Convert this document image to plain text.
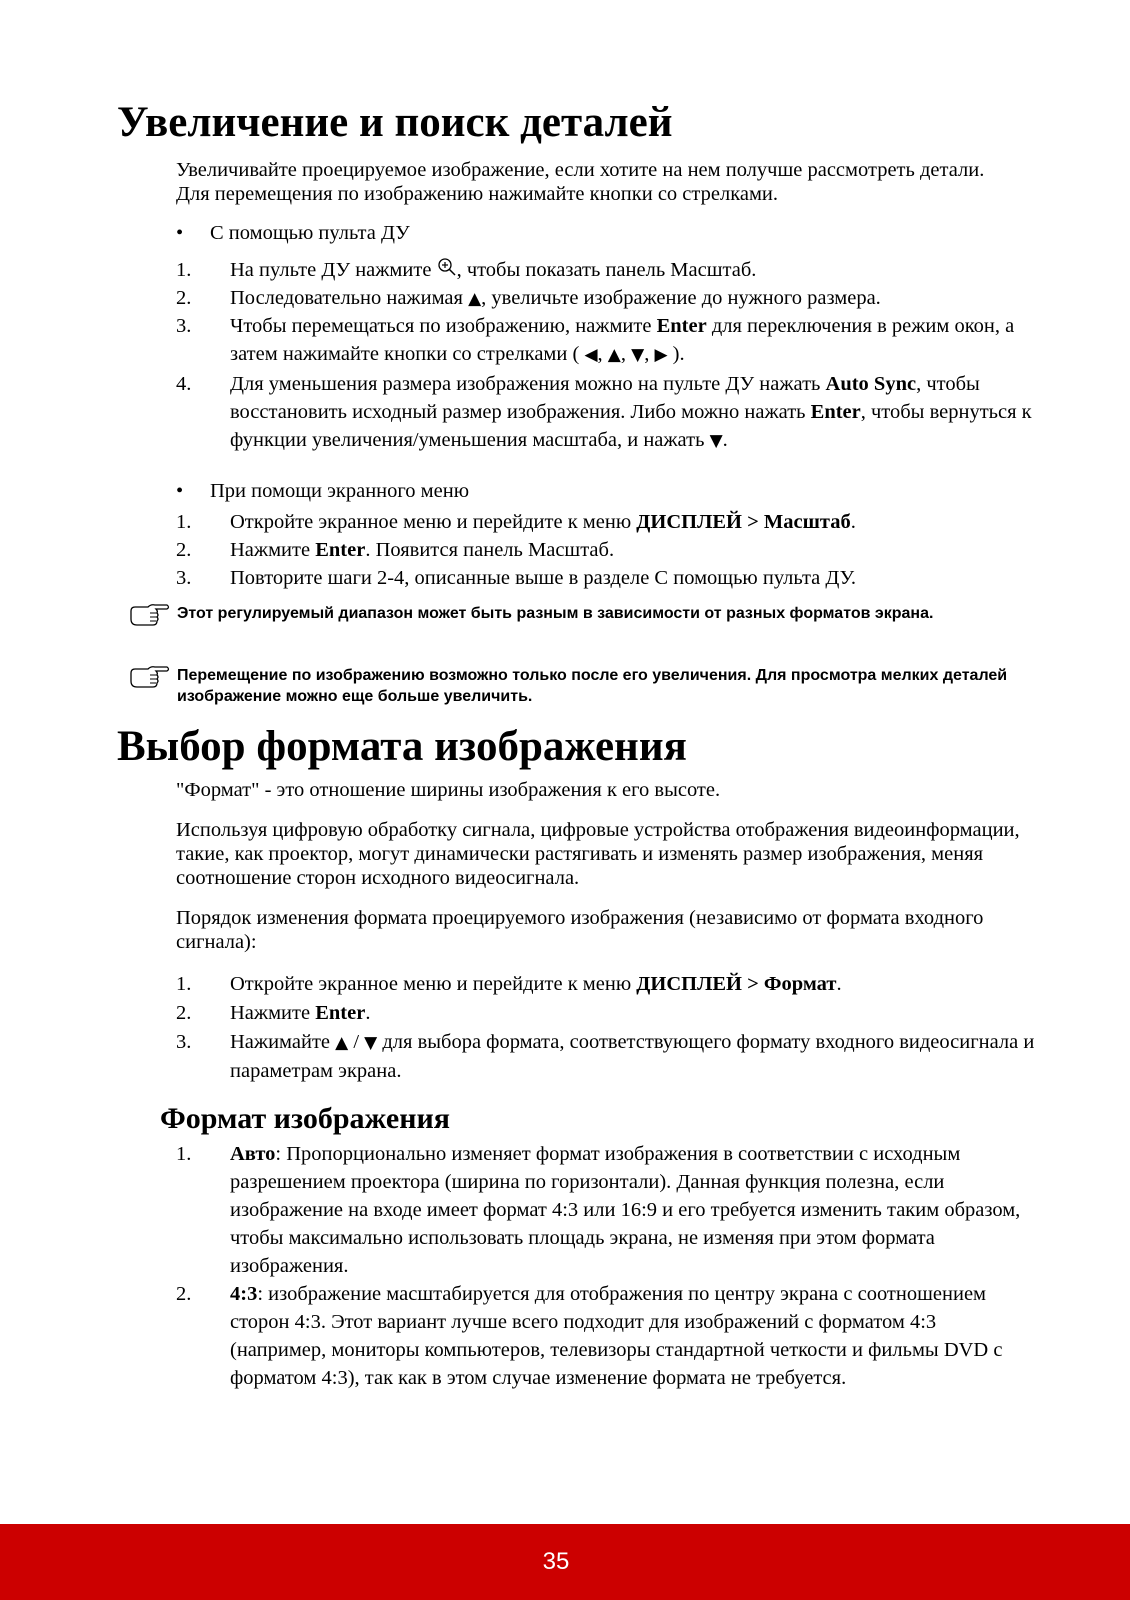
Увеличение и поиск деталей

Увеличивайте проецируемое изображение, если хотите на нем получше рассмотреть детали. Для перемещения по изображению нажимайте кнопки со стрелками.

• С помощью пульта ДУ
1. На пульте ДУ нажмите , чтобы показать панель Масштаб.
2. Последовательно нажимая ▲, увеличьте изображение до нужного размера.
3. Чтобы перемещаться по изображению, нажмите Enter для переключения в режим окон, а затем нажимайте кнопки со стрелками ( ◀, ▲, ▼, ▶ ).
4. Для уменьшения размера изображения можно на пульте ДУ нажать Auto Sync, чтобы восстановить исходный размер изображения. Либо можно нажать Enter, чтобы вернуться к функции увеличения/уменьшения масштаба, и нажать ▼.
• При помощи экранного меню
1. Откройте экранное меню и перейдите к меню ДИСПЛЕЙ > Масштаб.
2. Нажмите Enter. Появится панель Масштаб.
3. Повторите шаги 2-4, описанные выше в разделе С помощью пульта ДУ.
Этот регулируемый диапазон может быть разным в зависимости от разных форматов экрана.
Перемещение по изображению возможно только после его увеличения. Для просмотра мелких деталей изображение можно еще больше увеличить.
Выбор формата изображения

"Формат" - это отношение ширины изображения к его высоте.

Используя цифровую обработку сигнала, цифровые устройства отображения видеоинформации, такие, как проектор, могут динамически растягивать и изменять размер изображения, меняя соотношение сторон исходного видеосигнала.

Порядок изменения формата проецируемого изображения (независимо от формата входного сигнала):

1. Откройте экранное меню и перейдите к меню ДИСПЛЕЙ > Формат.
2. Нажмите Enter.
3. Нажимайте ▲ / ▼ для выбора формата, соответствующего формату входного видеосигнала и параметрам экрана.
Формат изображения
1. Авто: Пропорционально изменяет формат изображения в соответствии с исходным разрешением проектора (ширина по горизонтали). Данная функция полезна, если изображение на входе имеет формат 4:3 или 16:9 и его требуется изменить таким образом, чтобы максимально использовать площадь экрана, не изменяя при этом формата изображения.
2. 4:3: изображение масштабируется для отображения по центру экрана с соотношением сторон 4:3. Этот вариант лучше всего подходит для изображений с форматом 4:3 (например, мониторы компьютеров, телевизоры стандартной четкости и фильмы DVD с форматом 4:3), так как в этом случае изменение формата не требуется.
35
